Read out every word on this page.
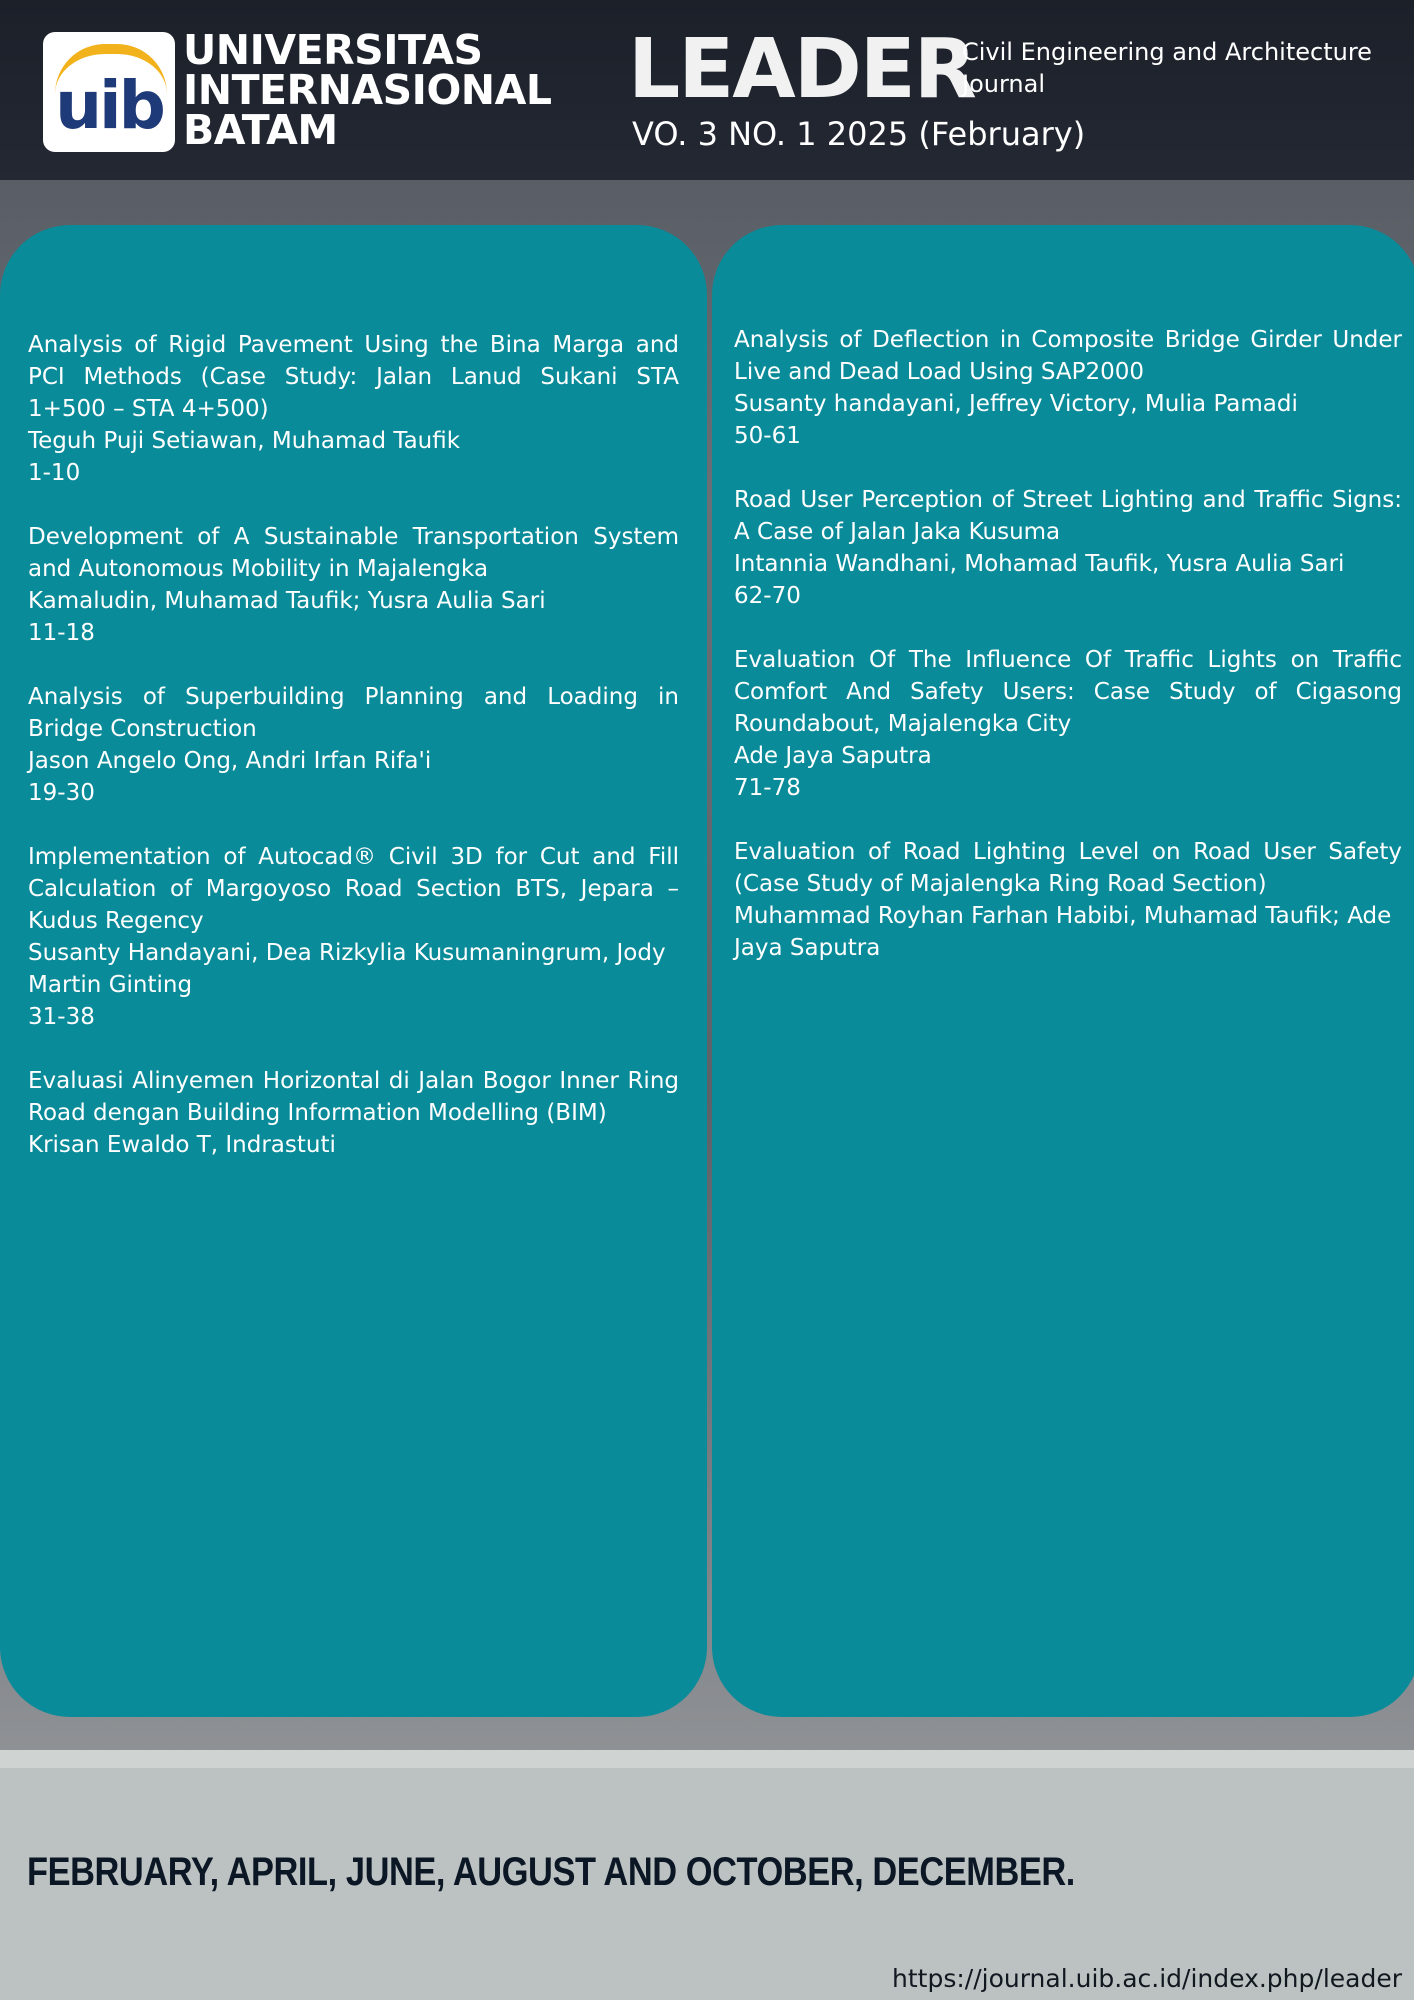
uib
UNIVERSITAS
INTERNASIONAL
BATAM
LEADER
Civil Engineering and Architecture Journal
VO. 3 NO. 1 2025 (February)
Analysis of Rigid Pavement Using the Bina Marga and PCI Methods (Case Study: Jalan Lanud Sukani STA 1+500 – STA 4+500)
Teguh Puji Setiawan, Muhamad Taufik
1-10
Development of A Sustainable Transportation System and Autonomous Mobility in Majalengka
Kamaludin, Muhamad Taufik; Yusra Aulia Sari
11-18
Analysis of Superbuilding Planning and Loading in Bridge Construction
Jason Angelo Ong, Andri Irfan Rifa'i
19-30
Implementation of Autocad® Civil 3D for Cut and Fill Calculation of Margoyoso Road Section BTS, Jepara – Kudus Regency
Susanty Handayani, Dea Rizkylia Kusumaningrum, Jody Martin Ginting
31-38
Evaluasi Alinyemen Horizontal di Jalan Bogor Inner Ring Road dengan Building Information Modelling (BIM)
Krisan Ewaldo T, Indrastuti
Analysis of Deflection in Composite Bridge Girder Under Live and Dead Load Using SAP2000
Susanty handayani, Jeffrey Victory, Mulia Pamadi
50-61
Road User Perception of Street Lighting and Traffic Signs: A Case of Jalan Jaka Kusuma
Intannia Wandhani, Mohamad Taufik, Yusra Aulia Sari
62-70
Evaluation Of The Influence Of Traffic Lights on Traffic Comfort And Safety Users: Case Study of Cigasong Roundabout, Majalengka City
Ade Jaya Saputra
71-78
Evaluation of Road Lighting Level on Road User Safety (Case Study of Majalengka Ring Road Section)
Muhammad Royhan Farhan Habibi, Muhamad Taufik; Ade Jaya Saputra
FEBRUARY, APRIL, JUNE, AUGUST AND OCTOBER, DECEMBER.
https://journal.uib.ac.id/index.php/leader
